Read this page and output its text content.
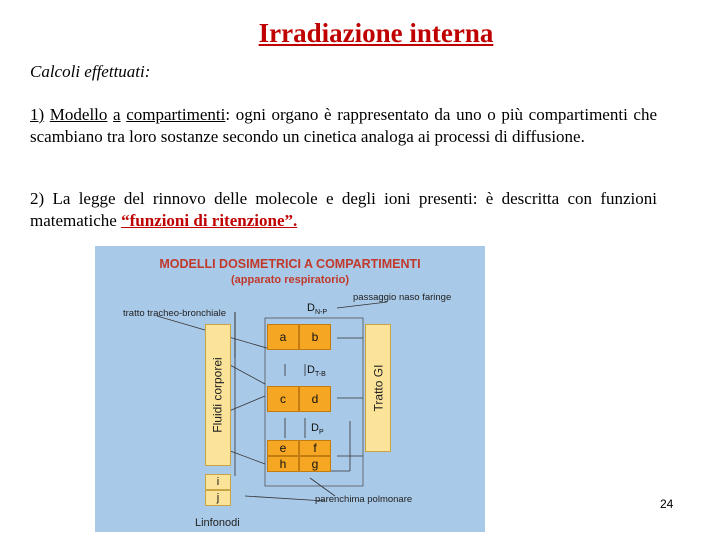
Irradiazione interna
Calcoli effettuati:
1) Modello a compartimenti: ogni organo è rappresentato da uno o più compartimenti che scambiano tra loro sostanze secondo un cinetica analoga ai processi di diffusione.
2) La legge del rinnovo delle molecole e degli ioni presenti: è descritta con funzioni matematiche “funzioni di ritenzione”.
MODELLI DOSIMETRICI A COMPARTIMENTI
(apparato respiratorio)
tratto tracheo-bronchiale
passaggio naso faringe
parenchima polmonare
$D_{N-P}$
$D_{T-B}$
$D_P$
Fluidi corporei	Tratto GI
a	b
c	d
e	f
h	g
i
j
Linfonodi
24
